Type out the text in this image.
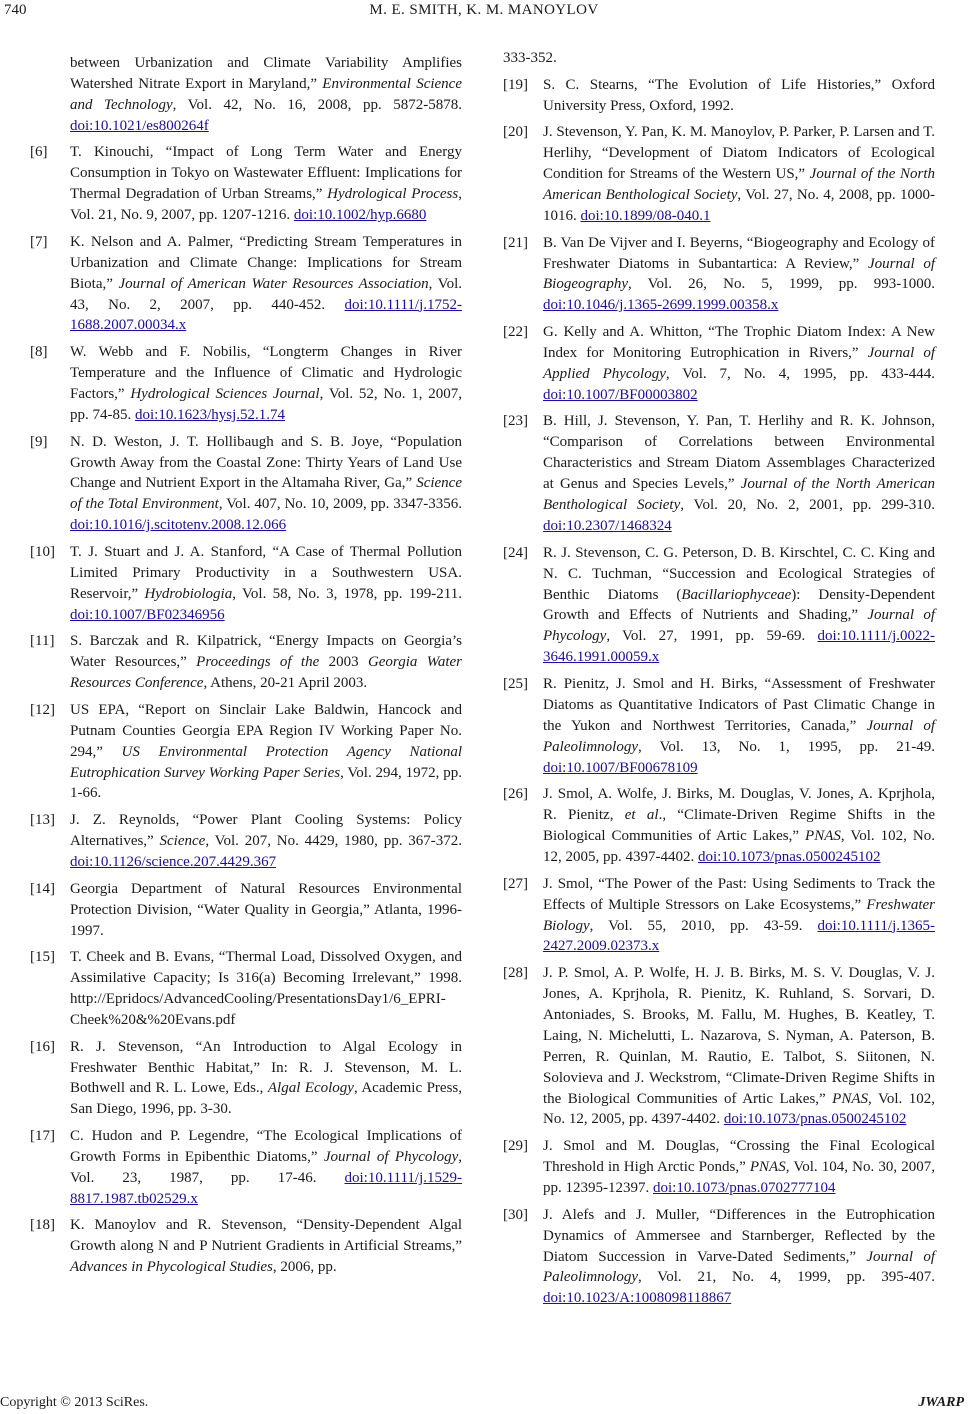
740	M. E. SMITH, K. M. MANOYLOV
between Urbanization and Climate Variability Amplifies Watershed Nitrate Export in Maryland,” Environmental Science and Technology, Vol. 42, No. 16, 2008, pp. 5872-5878. doi:10.1021/es800264f
[6]	T. Kinouchi, “Impact of Long Term Water and Energy Consumption in Tokyo on Wastewater Effluent: Implications for Thermal Degradation of Urban Streams,” Hydrological Process, Vol. 21, No. 9, 2007, pp. 1207-1216. doi:10.1002/hyp.6680
[7]	K. Nelson and A. Palmer, “Predicting Stream Temperatures in Urbanization and Climate Change: Implications for Stream Biota,” Journal of American Water Resources Association, Vol. 43, No. 2, 2007, pp. 440-452. doi:10.1111/j.1752-1688.2007.00034.x
[8]	W. Webb and F. Nobilis, “Longterm Changes in River Temperature and the Influence of Climatic and Hydrologic Factors,” Hydrological Sciences Journal, Vol. 52, No. 1, 2007, pp. 74-85. doi:10.1623/hysj.52.1.74
[9]	N. D. Weston, J. T. Hollibaugh and S. B. Joye, “Population Growth Away from the Coastal Zone: Thirty Years of Land Use Change and Nutrient Export in the Altamaha River, Ga,” Science of the Total Environment, Vol. 407, No. 10, 2009, pp. 3347-3356. doi:10.1016/j.scitotenv.2008.12.066
[10]	T. J. Stuart and J. A. Stanford, “A Case of Thermal Pollution Limited Primary Productivity in a Southwestern USA. Reservoir,” Hydrobiologia, Vol. 58, No. 3, 1978, pp. 199-211. doi:10.1007/BF02346956
[11]	S. Barczak and R. Kilpatrick, “Energy Impacts on Georgia’s Water Resources,” Proceedings of the 2003 Georgia Water Resources Conference, Athens, 20-21 April 2003.
[12]	US EPA, “Report on Sinclair Lake Baldwin, Hancock and Putnam Counties Georgia EPA Region IV Working Paper No. 294,” US Environmental Protection Agency National Eutrophication Survey Working Paper Series, Vol. 294, 1972, pp. 1-66.
[13]	J. Z. Reynolds, “Power Plant Cooling Systems: Policy Alternatives,” Science, Vol. 207, No. 4429, 1980, pp. 367-372. doi:10.1126/science.207.4429.367
[14]	Georgia Department of Natural Resources Environmental Protection Division, “Water Quality in Georgia,” Atlanta, 1996-1997.
[15]	T. Cheek and B. Evans, “Thermal Load, Dissolved Oxygen, and Assimilative Capacity; Is 316(a) Becoming Irrelevant,” 1998. http://Epridocs/AdvancedCooling/PresentationsDay1/6_EPRI-Cheek%20&%20Evans.pdf
[16]	R. J. Stevenson, “An Introduction to Algal Ecology in Freshwater Benthic Habitat,” In: R. J. Stevenson, M. L. Bothwell and R. L. Lowe, Eds., Algal Ecology, Academic Press, San Diego, 1996, pp. 3-30.
[17]	C. Hudon and P. Legendre, “The Ecological Implications of Growth Forms in Epibenthic Diatoms,” Journal of Phycology, Vol. 23, 1987, pp. 17-46. doi:10.1111/j.1529-8817.1987.tb02529.x
[18]	K. Manoylov and R. Stevenson, “Density-Dependent Algal Growth along N and P Nutrient Gradients in Artificial Streams,” Advances in Phycological Studies, 2006, pp.
333-352.
[19]	S. C. Stearns, “The Evolution of Life Histories,” Oxford University Press, Oxford, 1992.
[20]	J. Stevenson, Y. Pan, K. M. Manoylov, P. Parker, P. Larsen and T. Herlihy, “Development of Diatom Indicators of Ecological Condition for Streams of the Western US,” Journal of the North American Benthological Society, Vol. 27, No. 4, 2008, pp. 1000-1016. doi:10.1899/08-040.1
[21]	B. Van De Vijver and I. Beyerns, “Biogeography and Ecology of Freshwater Diatoms in Subantartica: A Review,” Journal of Biogeography, Vol. 26, No. 5, 1999, pp. 993-1000. doi:10.1046/j.1365-2699.1999.00358.x
[22]	G. Kelly and A. Whitton, “The Trophic Diatom Index: A New Index for Monitoring Eutrophication in Rivers,” Journal of Applied Phycology, Vol. 7, No. 4, 1995, pp. 433-444. doi:10.1007/BF00003802
[23]	B. Hill, J. Stevenson, Y. Pan, T. Herlihy and R. K. Johnson, “Comparison of Correlations between Environmental Characteristics and Stream Diatom Assemblages Characterized at Genus and Species Levels,” Journal of the North American Benthological Society, Vol. 20, No. 2, 2001, pp. 299-310. doi:10.2307/1468324
[24]	R. J. Stevenson, C. G. Peterson, D. B. Kirschtel, C. C. King and N. C. Tuchman, “Succession and Ecological Strategies of Benthic Diatoms (Bacillariophyceae): Density-Dependent Growth and Effects of Nutrients and Shading,” Journal of Phycology, Vol. 27, 1991, pp. 59-69. doi:10.1111/j.0022-3646.1991.00059.x
[25]	R. Pienitz, J. Smol and H. Birks, “Assessment of Freshwater Diatoms as Quantitative Indicators of Past Climatic Change in the Yukon and Northwest Territories, Canada,” Journal of Paleolimnology, Vol. 13, No. 1, 1995, pp. 21-49. doi:10.1007/BF00678109
[26]	J. Smol, A. Wolfe, J. Birks, M. Douglas, V. Jones, A. Kprjhola, R. Pienitz, et al., “Climate-Driven Regime Shifts in the Biological Communities of Artic Lakes,” PNAS, Vol. 102, No. 12, 2005, pp. 4397-4402. doi:10.1073/pnas.0500245102
[27]	J. Smol, “The Power of the Past: Using Sediments to Track the Effects of Multiple Stressors on Lake Ecosystems,” Freshwater Biology, Vol. 55, 2010, pp. 43-59. doi:10.1111/j.1365-2427.2009.02373.x
[28]	J. P. Smol, A. P. Wolfe, H. J. B. Birks, M. S. V. Douglas, V. J. Jones, A. Kprjhola, R. Pienitz, K. Ruhland, S. Sorvari, D. Antoniades, S. Brooks, M. Fallu, M. Hughes, B. Keatley, T. Laing, N. Michelutti, L. Nazarova, S. Nyman, A. Paterson, B. Perren, R. Quinlan, M. Rautio, E. Talbot, S. Siitonen, N. Solovieva and J. Weckstrom, “Climate-Driven Regime Shifts in the Biological Communities of Artic Lakes,” PNAS, Vol. 102, No. 12, 2005, pp. 4397-4402. doi:10.1073/pnas.0500245102
[29]	J. Smol and M. Douglas, “Crossing the Final Ecological Threshold in High Arctic Ponds,” PNAS, Vol. 104, No. 30, 2007, pp. 12395-12397. doi:10.1073/pnas.0702777104
[30]	J. Alefs and J. Muller, “Differences in the Eutrophication Dynamics of Ammersee and Starnberger, Reflected by the Diatom Succession in Varve-Dated Sediments,” Journal of Paleolimnology, Vol. 21, No. 4, 1999, pp. 395-407. doi:10.1023/A:1008098118867
Copyright © 2013 SciRes.	JWARP
